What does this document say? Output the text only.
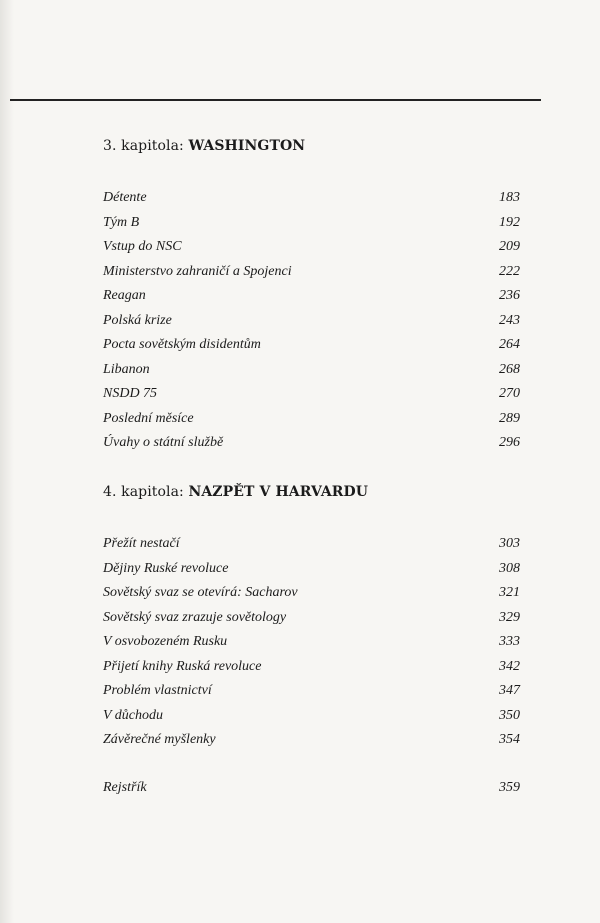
3. kapitola: WASHINGTON
Détente	183
Tým B	192
Vstup do NSC	209
Ministerstvo zahraničí a Spojenci	222
Reagan	236
Polská krize	243
Pocta sovětským disidentům	264
Libanon	268
NSDD 75	270
Poslední měsíce	289
Úvahy o státní službě	296
4. kapitola: NAZPĚT V HARVARDU
Přežít nestačí	303
Dějiny Ruské revoluce	308
Sovětský svaz se otevírá: Sacharov	321
Sovětský svaz zrazuje sovětology	329
V osvobozeném Rusku	333
Přijetí knihy Ruská revoluce	342
Problém vlastnictví	347
V důchodu	350
Závěrečné myšlenky	354
Rejstřík	359
